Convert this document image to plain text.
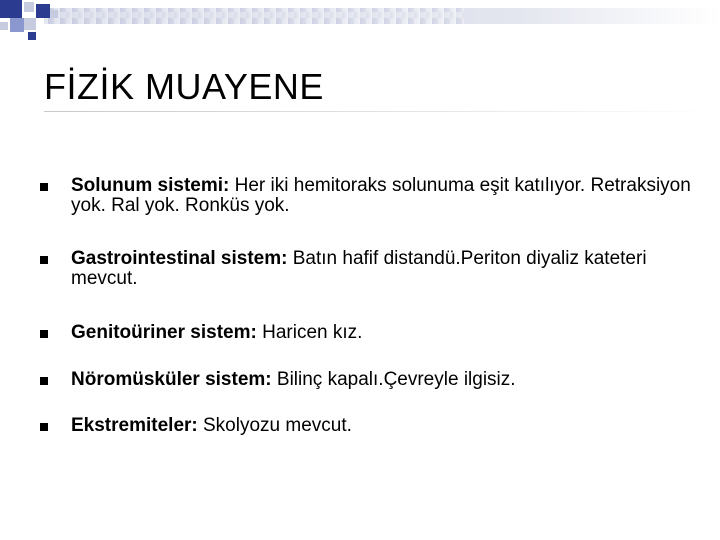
FİZİK MUAYENE
Solunum sistemi: Her iki hemitoraks solunuma eşit katılıyor. Retraksiyon yok. Ral yok. Ronküs yok.
Gastrointestinal sistem: Batın hafif distandü.Periton diyaliz kateteri mevcut.
Genitoüriner sistem: Haricen kız.
Nöromüsküler sistem: Bilinç kapalı.Çevreyle ilgisiz.
Ekstremiteler: Skolyozu mevcut.
